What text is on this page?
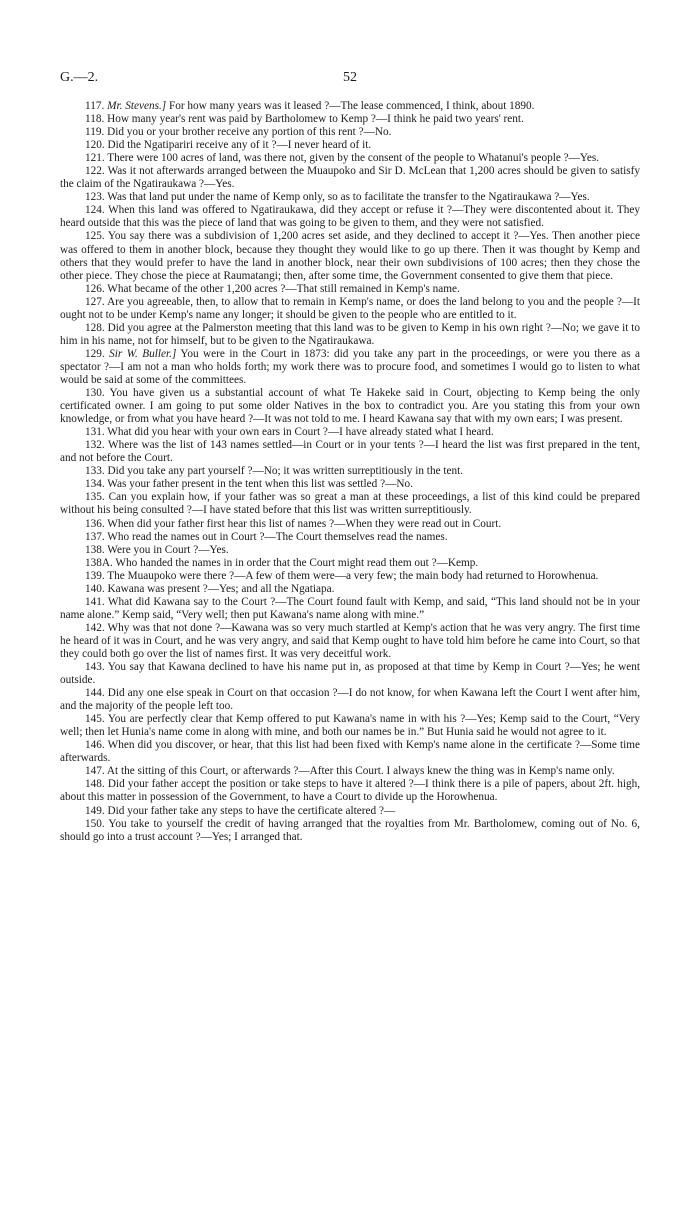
52
G.—2.

117. Mr. Stevens.] For how many years was it leased ?—The lease commenced, I think, about 1890.

118. How many year's rent was paid by Bartholomew to Kemp ?—I think he paid two years' rent.

119. Did you or your brother receive any portion of this rent ?—No.

120. Did the Ngatipariri receive any of it ?—I never heard of it.

121. There were 100 acres of land, was there not, given by the consent of the people to Whatanui's people ?—Yes.

122. Was it not afterwards arranged between the Muaupoko and Sir D. McLean that 1,200 acres should be given to satisfy the claim of the Ngatiraukawa ?—Yes.

123. Was that land put under the name of Kemp only, so as to facilitate the transfer to the Ngatiraukawa ?—Yes.

124. When this land was offered to Ngatiraukawa, did they accept or refuse it ?—They were discontented about it. They heard outside that this was the piece of land that was going to be given to them, and they were not satisfied.

125. You say there was a subdivision of 1,200 acres set aside, and they declined to accept it ?—Yes. Then another piece was offered to them in another block, because they thought they would like to go up there. Then it was thought by Kemp and others that they would prefer to have the land in another block, near their own subdivisions of 100 acres; then they chose the other piece. They chose the piece at Raumatangi; then, after some time, the Government consented to give them that piece.

126. What became of the other 1,200 acres ?—That still remained in Kemp's name.

127. Are you agreeable, then, to allow that to remain in Kemp's name, or does the land belong to you and the people ?—It ought not to be under Kemp's name any longer; it should be given to the people who are entitled to it.

128. Did you agree at the Palmerston meeting that this land was to be given to Kemp in his own right ?—No; we gave it to him in his name, not for himself, but to be given to the Ngatiraukawa.

129. Sir W. Buller.] You were in the Court in 1873: did you take any part in the proceedings, or were you there as a spectator ?—I am not a man who holds forth; my work there was to procure food, and sometimes I would go to listen to what would be said at some of the committees.

130. You have given us a substantial account of what Te Hakeke said in Court, objecting to Kemp being the only certificated owner. I am going to put some older Natives in the box to contradict you. Are you stating this from your own knowledge, or from what you have heard ?—It was not told to me. I heard Kawana say that with my own ears; I was present.

131. What did you hear with your own ears in Court ?—I have already stated what I heard.

132. Where was the list of 143 names settled—in Court or in your tents ?—I heard the list was first prepared in the tent, and not before the Court.

133. Did you take any part yourself ?—No; it was written surreptitiously in the tent.

134. Was your father present in the tent when this list was settled ?—No.

135. Can you explain how, if your father was so great a man at these proceedings, a list of this kind could be prepared without his being consulted ?—I have stated before that this list was written surreptitiously.

136. When did your father first hear this list of names ?—When they were read out in Court.

137. Who read the names out in Court ?—The Court themselves read the names.

138. Were you in Court ?—Yes.

138A. Who handed the names in in order that the Court might read them out ?—Kemp.

139. The Muaupoko were there ?—A few of them were—a very few; the main body had returned to Horowhenua.

140. Kawana was present ?—Yes; and all the Ngatiapa.

141. What did Kawana say to the Court ?—The Court found fault with Kemp, and said, “This land should not be in your name alone.” Kemp said, “Very well; then put Kawana's name along with mine.”

142. Why was that not done ?—Kawana was so very much startled at Kemp's action that he was very angry. The first time he heard of it was in Court, and he was very angry, and said that Kemp ought to have told him before he came into Court, so that they could both go over the list of names first. It was very deceitful work.

143. You say that Kawana declined to have his name put in, as proposed at that time by Kemp in Court ?—Yes; he went outside.

144. Did any one else speak in Court on that occasion ?—I do not know, for when Kawana left the Court I went after him, and the majority of the people left too.

145. You are perfectly clear that Kemp offered to put Kawana's name in with his ?—Yes; Kemp said to the Court, “Very well; then let Hunia's name come in along with mine, and both our names be in.” But Hunia said he would not agree to it.

146. When did you discover, or hear, that this list had been fixed with Kemp's name alone in the certificate ?—Some time afterwards.

147. At the sitting of this Court, or afterwards ?—After this Court. I always knew the thing was in Kemp's name only.

148. Did your father accept the position or take steps to have it altered ?—I think there is a pile of papers, about 2ft. high, about this matter in possession of the Government, to have a Court to divide up the Horowhenua.

149. Did your father take any steps to have the certificate altered ?—

150. You take to yourself the credit of having arranged that the royalties from Mr. Bartholomew, coming out of No. 6, should go into a trust account ?—Yes; I arranged that.
